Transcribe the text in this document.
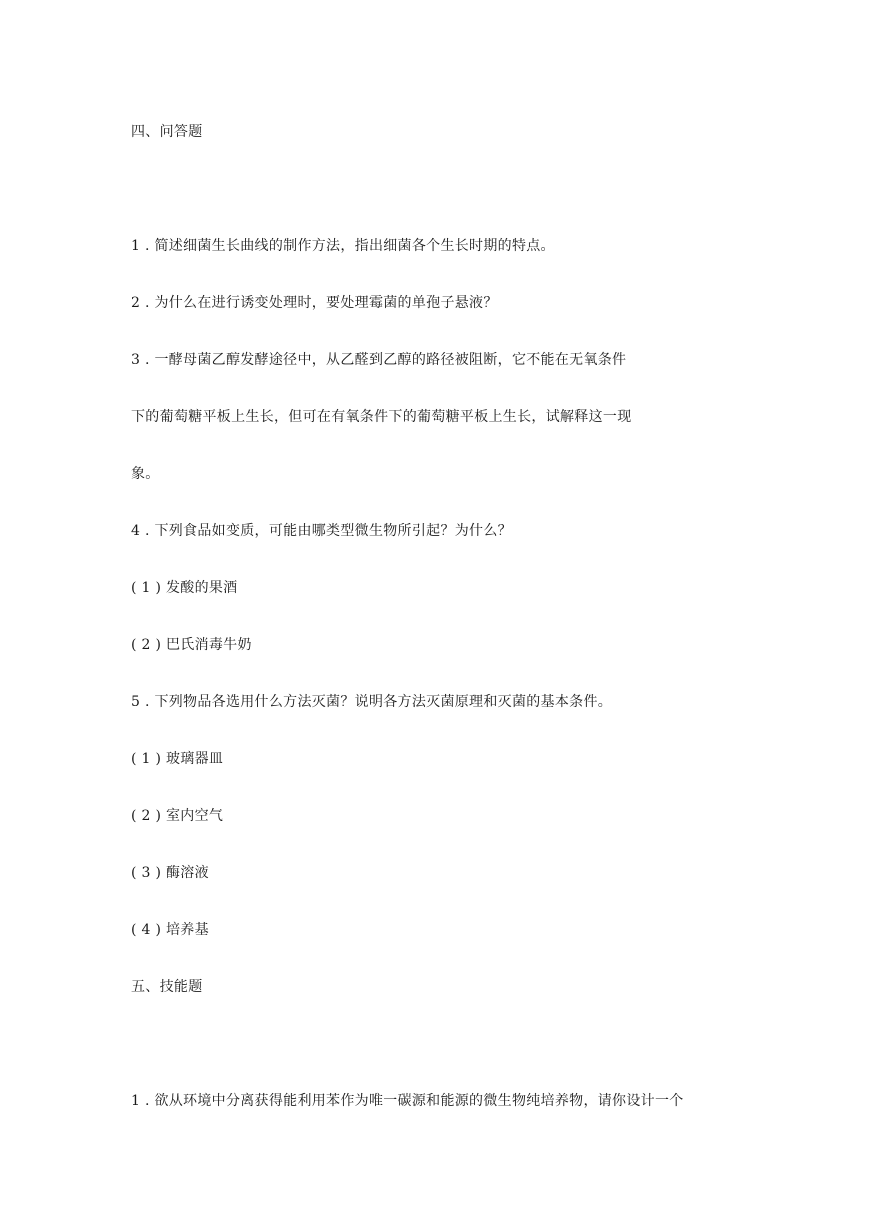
四、问答题
1 . 简述细菌生长曲线的制作方法，指出细菌各个生长时期的特点。
2 . 为什么在进行诱变处理时，要处理霉菌的单孢子悬液？
3 . 一酵母菌乙醇发酵途径中，从乙醛到乙醇的路径被阻断，它不能在无氧条件
下的葡萄糖平板上生长，但可在有氧条件下的葡萄糖平板上生长，试解释这一现
象。
4 . 下列食品如变质，可能由哪类型微生物所引起？为什么？
( 1 ) 发酸的果酒
( 2 ) 巴氏消毒牛奶
5 . 下列物品各选用什么方法灭菌？说明各方法灭菌原理和灭菌的基本条件。
( 1 ) 玻璃器皿
( 2 ) 室内空气
( 3 ) 酶溶液
( 4 ) 培养基
五、技能题
1 . 欲从环境中分离获得能利用苯作为唯一碳源和能源的微生物纯培养物，请你设计一个
